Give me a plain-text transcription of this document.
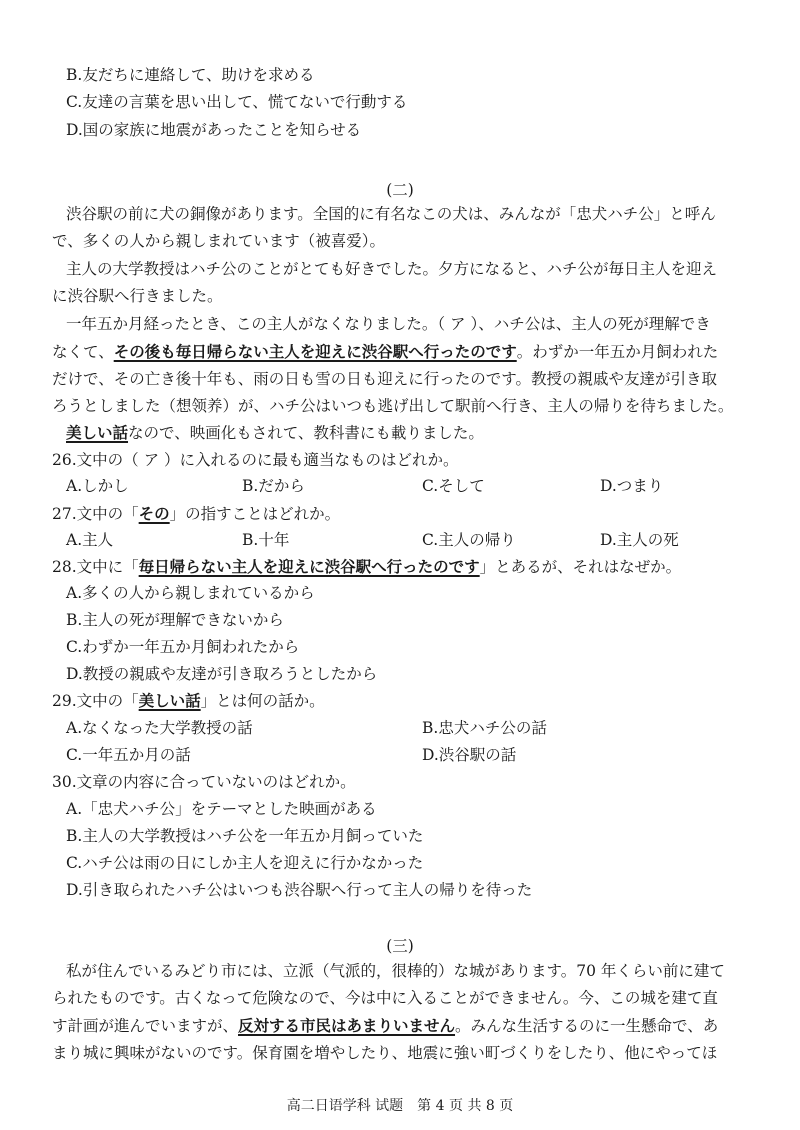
B.友だちに連絡して、助けを求める
C.友達の言葉を思い出して、慌てないで行動する
D.国の家族に地震があったことを知らせる
(二)
渋谷駅の前に犬の銅像があります。全国的に有名なこの犬は、みんなが「忠犬ハチ公」と呼ん
で、多くの人から親しまれています（被喜爱）。
主人の大学教授はハチ公のことがとても好きでした。夕方になると、ハチ公が毎日主人を迎え
に渋谷駅へ行きました。
一年五か月経ったとき、この主人がなくなりました。（ ア ）、ハチ公は、主人の死が理解でき
なくて、その後も毎日帰らない主人を迎えに渋谷駅へ行ったのです。わずか一年五か月飼われた
だけで、その亡き後十年も、雨の日も雪の日も迎えに行ったのです。教授の親戚や友達が引き取
ろうとしました（想领养）が、ハチ公はいつも逃げ出して駅前へ行き、主人の帰りを待ちました。
美しい話なので、映画化もされて、教科書にも載りました。
26.文中の（ ア ）に入れるのに最も適当なものはどれか。
A.しかし	B.だから	C.そして	D.つまり
27.文中の「その」の指すことはどれか。
A.主人	B.十年	C.主人の帰り	D.主人の死
28.文中に「毎日帰らない主人を迎えに渋谷駅へ行ったのです」とあるが、それはなぜか。
A.多くの人から親しまれているから
B.主人の死が理解できないから
C.わずか一年五か月飼われたから
D.教授の親戚や友達が引き取ろうとしたから
29.文中の「美しい話」とは何の話か。
A.なくなった大学教授の話	B.忠犬ハチ公の話
C.一年五か月の話	D.渋谷駅の話
30.文章の内容に合っていないのはどれか。
A.「忠犬ハチ公」をテーマとした映画がある
B.主人の大学教授はハチ公を一年五か月飼っていた
C.ハチ公は雨の日にしか主人を迎えに行かなかった
D.引き取られたハチ公はいつも渋谷駅へ行って主人の帰りを待った
(三)
私が住んでいるみどり市には、立派（气派的，很棒的）な城があります。70 年くらい前に建て
られたものです。古くなって危険なので、今は中に入ることができません。今、この城を建て直
す計画が進んでいますが、反対する市民はあまりいません。みんな生活するのに一生懸命で、あ
まり城に興味がないのです。保育園を増やしたり、地震に強い町づくりをしたり、他にやってほ
高二日语学科 试题　第 4 页 共 8 页
